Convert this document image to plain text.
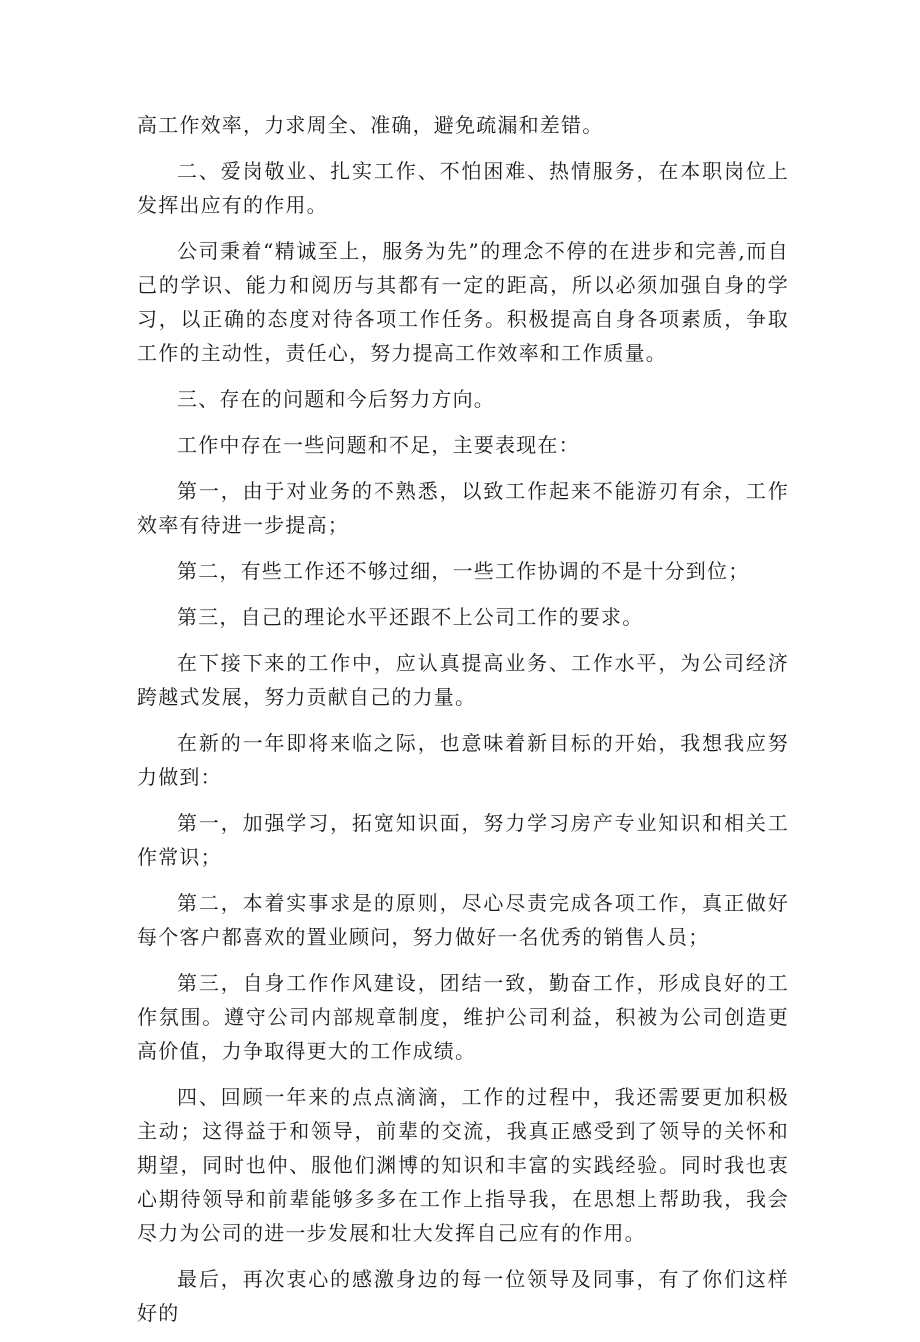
高工作效率，力求周全、准确，避免疏漏和差错。

二、爱岗敬业、扎实工作、不怕困难、热情服务，在本职岗位上发挥出应有的作用。

公司秉着“精诚至上，服务为先”的理念不停的在进步和完善,而自己的学识、能力和阅历与其都有一定的距高，所以必须加强自身的学习，以正确的态度对待各项工作任务。积极提高自身各项素质，争取工作的主动性，责任心，努力提高工作效率和工作质量。

三、存在的问题和今后努力方向。

工作中存在一些问题和不足，主要表现在：

第一，由于对业务的不熟悉，以致工作起来不能游刃有余，工作效率有待进一步提高；

第二，有些工作还不够过细，一些工作协调的不是十分到位；

第三，自己的理论水平还跟不上公司工作的要求。

在下接下来的工作中，应认真提高业务、工作水平，为公司经济跨越式发展，努力贡献自己的力量。

在新的一年即将来临之际，也意味着新目标的开始，我想我应努力做到：

第一，加强学习，拓宽知识面，努力学习房产专业知识和相关工作常识；

第二，本着实事求是的原则，尽心尽责完成各项工作，真正做好每个客户都喜欢的置业顾问，努力做好一名优秀的销售人员；

第三，自身工作作风建设，团结一致，勤奋工作，形成良好的工作氛围。遵守公司内部规章制度，维护公司利益，积被为公司创造更高价值，力争取得更大的工作成绩。

四、回顾一年来的点点滴滴，工作的过程中，我还需要更加积极主动；这得益于和领导，前辈的交流，我真正感受到了领导的关怀和期望，同时也仲、服他们渊博的知识和丰富的实践经验。同时我也衷心期待领导和前辈能够多多在工作上指导我，在思想上帮助我，我会尽力为公司的进一步发展和壮大发挥自己应有的作用。

最后，再次衷心的感激身边的每一位领导及同事，有了你们这样好的
